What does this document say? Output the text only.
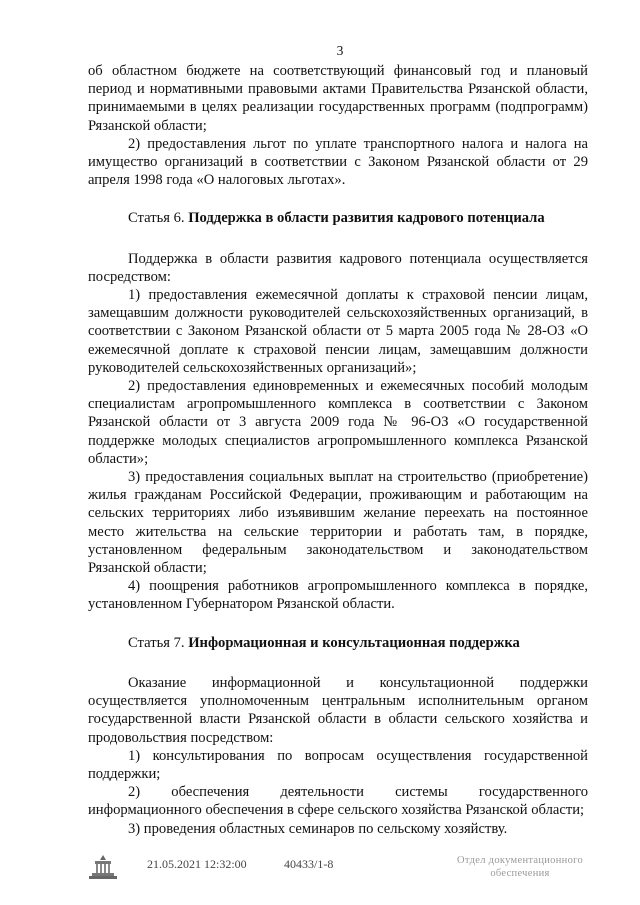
3

об областном бюджете на соответствующий финансовый год и плановый период и нормативными правовыми актами Правительства Рязанской области, принимаемыми в целях реализации государственных программ (подпрограмм) Рязанской области;

2) предоставления льгот по уплате транспортного налога и налога на имущество организаций в соответствии с Законом Рязанской области от 29 апреля 1998 года «О налоговых льготах».

Статья 6. Поддержка в области развития кадрового потенциала

Поддержка в области развития кадрового потенциала осуществляется посредством:

1) предоставления ежемесячной доплаты к страховой пенсии лицам, замещавшим должности руководителей сельскохозяйственных организаций, в соответствии с Законом Рязанской области от 5 марта 2005 года № 28-ОЗ «О ежемесячной доплате к страховой пенсии лицам, замещавшим должности руководителей сельскохозяйственных организаций»;

2) предоставления единовременных и ежемесячных пособий молодым специалистам агропромышленного комплекса в соответствии с Законом Рязанской области от 3 августа 2009 года № 96-ОЗ «О государственной поддержке молодых специалистов агропромышленного комплекса Рязанской области»;

3) предоставления социальных выплат на строительство (приобретение) жилья гражданам Российской Федерации, проживающим и работающим на сельских территориях либо изъявившим желание переехать на постоянное место жительства на сельские территории и работать там, в порядке, установленном федеральным законодательством и законодательством Рязанской области;

4) поощрения работников агропромышленного комплекса в порядке, установленном Губернатором Рязанской области.

Статья 7. Информационная и консультационная поддержка

Оказание информационной и консультационной поддержки осуществляется уполномоченным центральным исполнительным органом государственной власти Рязанской области в области сельского хозяйства и продовольствия посредством:

1) консультирования по вопросам осуществления государственной поддержки;

2) обеспечения деятельности системы государственного информационного обеспечения в сфере сельского хозяйства Рязанской области;

3) проведения областных семинаров по сельскому хозяйству.

21.05.2021 12:32:00	40433/1-8	Отдел документационного
обеспечения
